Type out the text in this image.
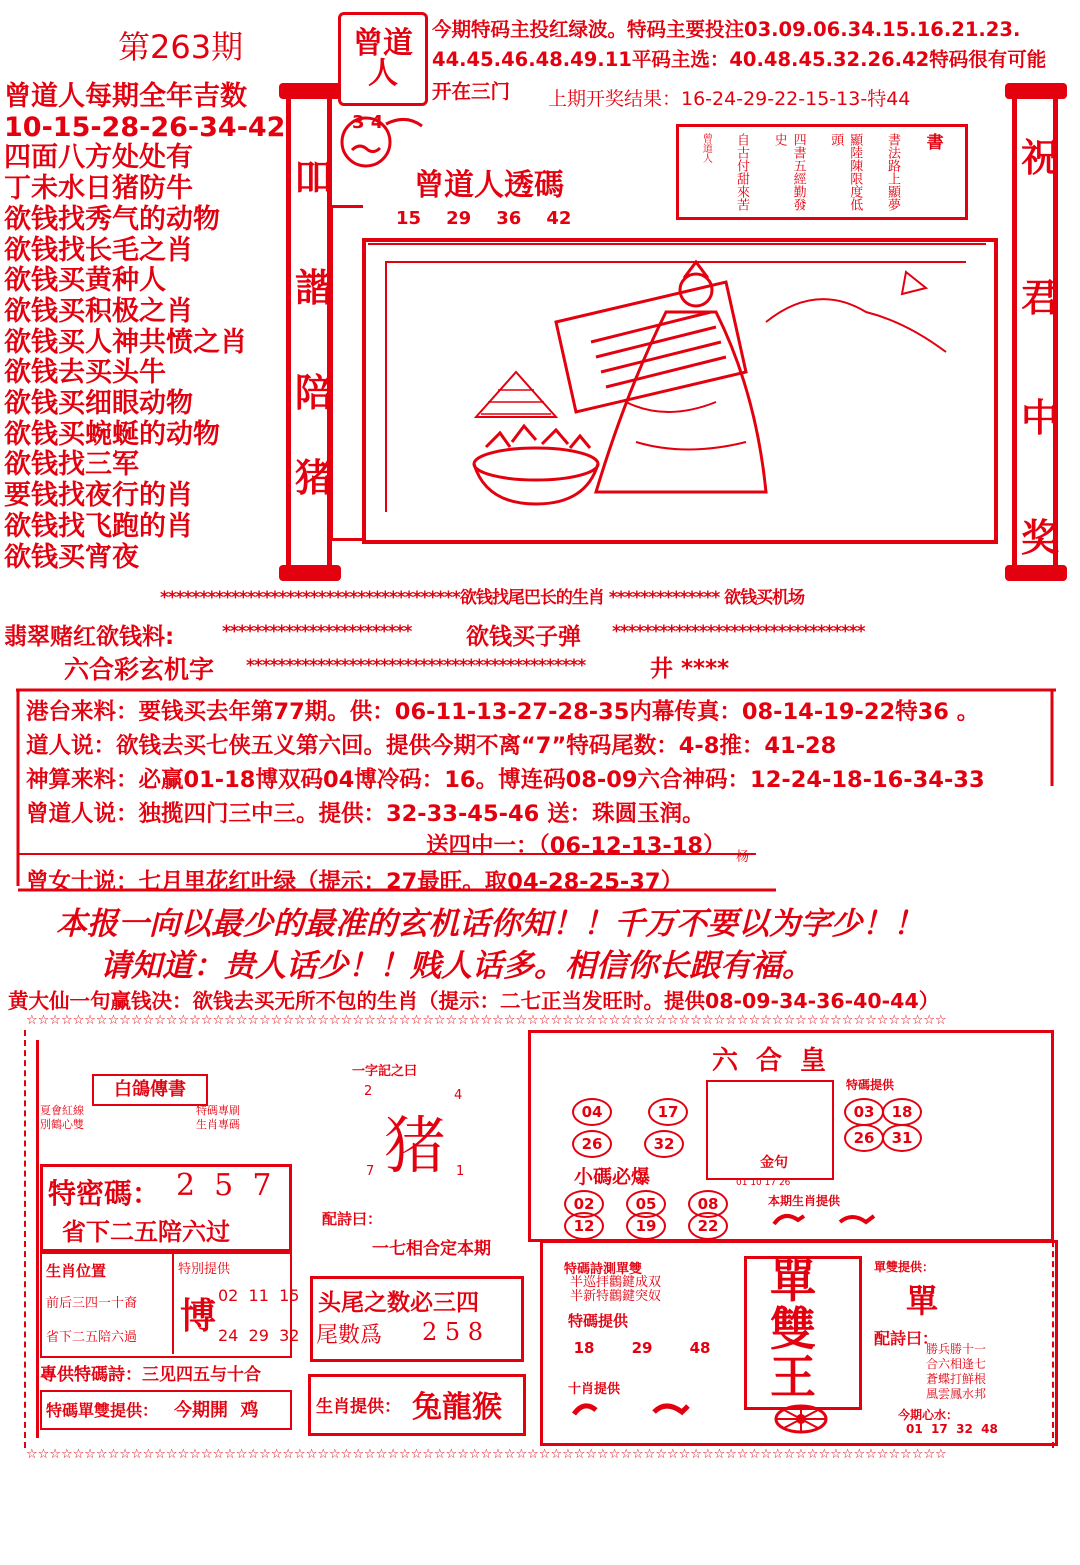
第263期	曾道人
今期特码主投红绿波。特码主要投注03.09.06.34.15.16.21.23.
44.45.46.48.49.11平码主选：40.48.45.32.26.42特码很有可能
开在三门 上期开奖结果：16-24-29-22-15-13-特44
曾道人每期全年吉数
10-15-28-26-34-42
四面八方处处有
丁未水日猪防牛
欲钱找秀气的动物
欲钱找长毛之肖
欲钱买黄种人
欲钱买积极之肖
欲钱买人神共愤之肖
欲钱去买头牛
欲钱买细眼动物
欲钱买蜿蜒的动物
欲钱找三军
要钱找夜行的肖
欲钱找飞跑的肖
欲钱买宵夜
吅
諧
陪
猪
祝
君
中
奖
3 4
曾道人透碼
15    29    36    42
書
書法路上顯夢
顯陸陳限度低頭
四書五經勤發史
自古付甜來苦
曾道人
**************************************欲钱找尾巴长的生肖 ************** 欲钱买机场
翡翠赌红欲钱料:	************************ 欲钱买子弹 ********************************
六合彩玄机字 *******************************************	井 ****
港台来料：要钱买去年第77期。供：06-11-13-27-28-35内幕传真：08-14-19-22特36 。
道人说：欲钱去买七侠五义第六回。提供今期不离“7”特码尾数：4-8推：41-28
神算来料：必赢01-18博双码04博冷码：16。博连码08-09六合神码：12-24-18-16-34-33
曾道人说：独揽四门三中三。提供：32-33-45-46 送：珠圆玉润。
送四中一：（06-12-13-18） 杨
曾女士说：七月里花红叶绿（提示：27最旺。取04-28-25-37）
本报一向以最少的最准的玄机话你知！！千万不要以为字少！！
请知道：贵人话少！！贱人话多。相信你长跟有福。
黄大仙一句赢钱决：欲钱去买无所不包的生肖（提示：二七正当发旺时。提供08-09-34-36-40-44）
☆☆☆☆☆☆☆☆☆☆☆☆☆☆☆☆☆☆☆☆☆☆☆☆☆☆☆☆☆☆☆☆☆☆☆☆☆☆☆☆☆☆☆☆☆☆☆☆☆☆☆☆☆☆☆☆☆☆☆☆☆☆☆☆☆☆☆☆☆☆☆☆☆☆☆☆☆☆☆
☆☆☆☆☆☆☆☆☆☆☆☆☆☆☆☆☆☆☆☆☆☆☆☆☆☆☆☆☆☆☆☆☆☆☆☆☆☆☆☆☆☆☆☆☆☆☆☆☆☆☆☆☆☆☆☆☆☆☆☆☆☆☆☆☆☆☆☆☆☆☆☆☆☆☆☆☆☆☆
白鴿傳書
夏會紅線
別鶴心雙
特碼專刷
生肖專碼
特密碼： 2  5  7
省下二五陪六过
生肖位置
前后三四一十裔
省下二五陪六過
特別提供
博
02  11  15
24  29  32
專供特碼詩：三见四五与十合
特碼單雙提供： 今期開  鸡
一字記之曰
2	4
猪
7	1
配詩曰：
一七相合定本期
头尾之数必三四
尾數爲 2 5 8
生肖提供： 兔龍猴
六合皇
04	17
26	32
金句
特碼提供
03	18
26	31
01 10 17 26
小碼必爆
02	05	08
12	19	22
本期生肖提供
特碼詩測單雙
半巡拝鸛鍵成双
半新特鸛鍵突奴
特碼提供
18	29	48
十肖提供
單
雙
王
單雙提供：
單
配詩曰：
勝兵勝十一
合六相逢七
蒼蝶打鮮根
風雲鳳水邦
今期心水：
01  17  32  48
